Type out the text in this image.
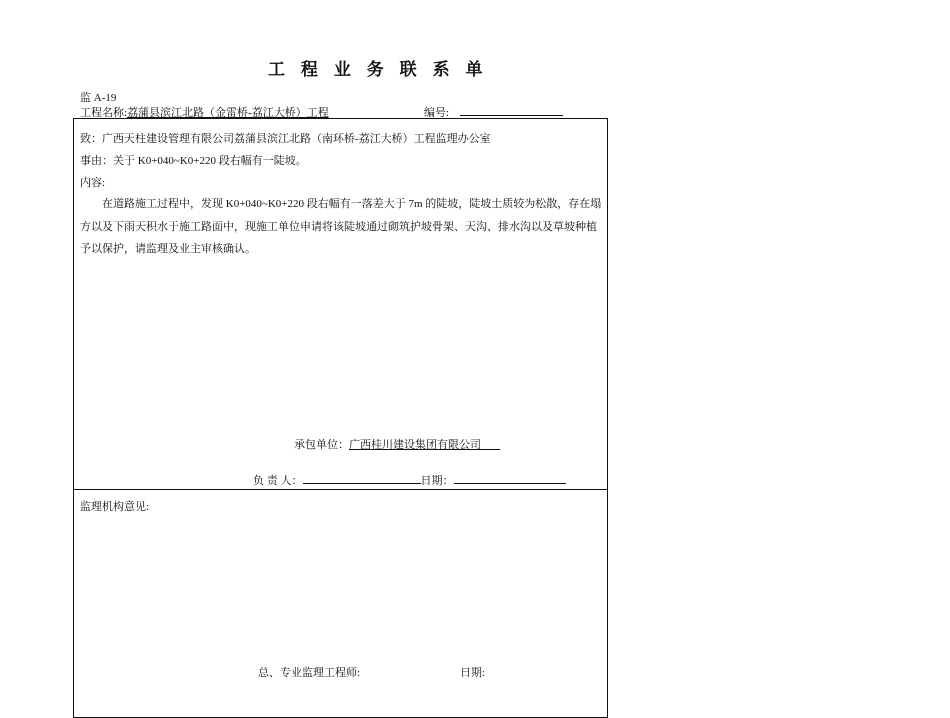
工 程 业 务 联 系 单
监 A-19
工程名称:荔蒲县滨江北路（金雷桥-荔江大桥）工程	编号:
致：广西天柱建设管理有限公司荔蒲县滨江北路（南环桥-荔江大桥）工程监理办公室
事由：关于 K0+040~K0+220 段右幅有一陡坡。
内容:
在道路施工过程中，发现 K0+040~K0+220 段右幅有一落差大于 7m 的陡坡，陡坡土质较为松散，存在塌方以及下雨天积水于施工路面中，现施工单位申请将该陡坡通过砌筑护坡骨架、天沟、排水沟以及草坡种植予以保护，请监理及业主审核确认。
承包单位：广西桂川建设集团有限公司
负 责 人：	日期：
监理机构意见:
总、专业监理工程师:	日期:
